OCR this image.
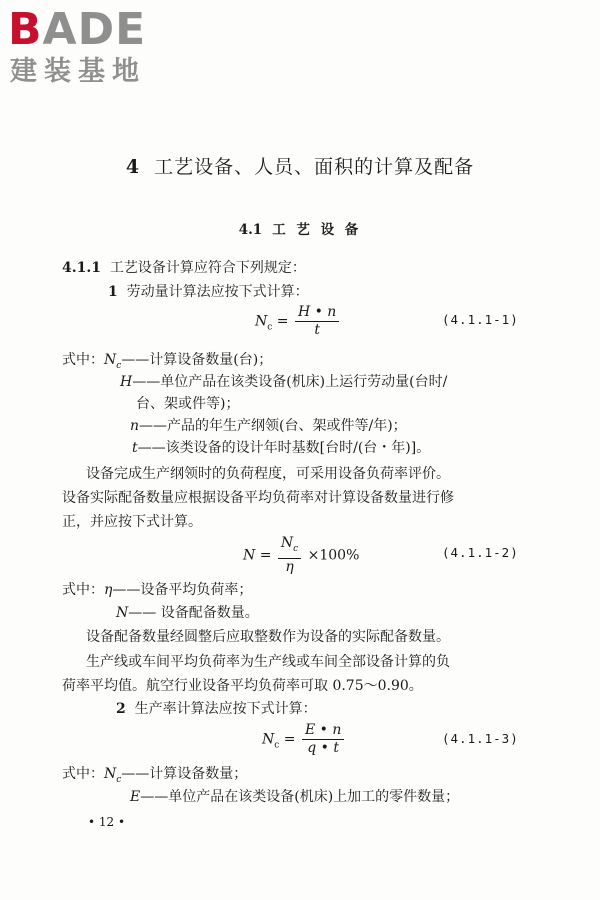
BADE
建装基地
4 工艺设备、人员、面积的计算及配备
4.1 工 艺 设 备
4.1.1 工艺设备计算应符合下列规定：
1 劳动量计算法应按下式计算：
$N_c = \frac{H • n}{t}$	(4.1.1-1)
式中：$N_c——$计算设备数量(台)；
H——单位产品在该类设备(机床)上运行劳动量(台时/
台、架或件等)；
n——产品的年生产纲领(台、架或件等/年)；
t——该类设备的设计年时基数[台时/(台・年)]。
设备完成生产纲领时的负荷程度，可采用设备负荷率评价。
设备实际配备数量应根据设备平均负荷率对计算设备数量进行修
正，并应按下式计算。
$N = \frac{N_c}{\eta} \times 100\%$	(4.1.1-2)
式中：η——设备平均负荷率；
N—— 设备配备数量。
设备配备数量经圆整后应取整数作为设备的实际配备数量。
生产线或车间平均负荷率为生产线或车间全部设备计算的负
荷率平均值。航空行业设备平均负荷率可取 0.75～0.90。
2 生产率计算法应按下式计算：
$N_c = \frac{E • n}{q • t}$	(4.1.1-3)
式中：$N_c——$计算设备数量；
E——单位产品在该类设备(机床)上加工的零件数量；
• 12 •
